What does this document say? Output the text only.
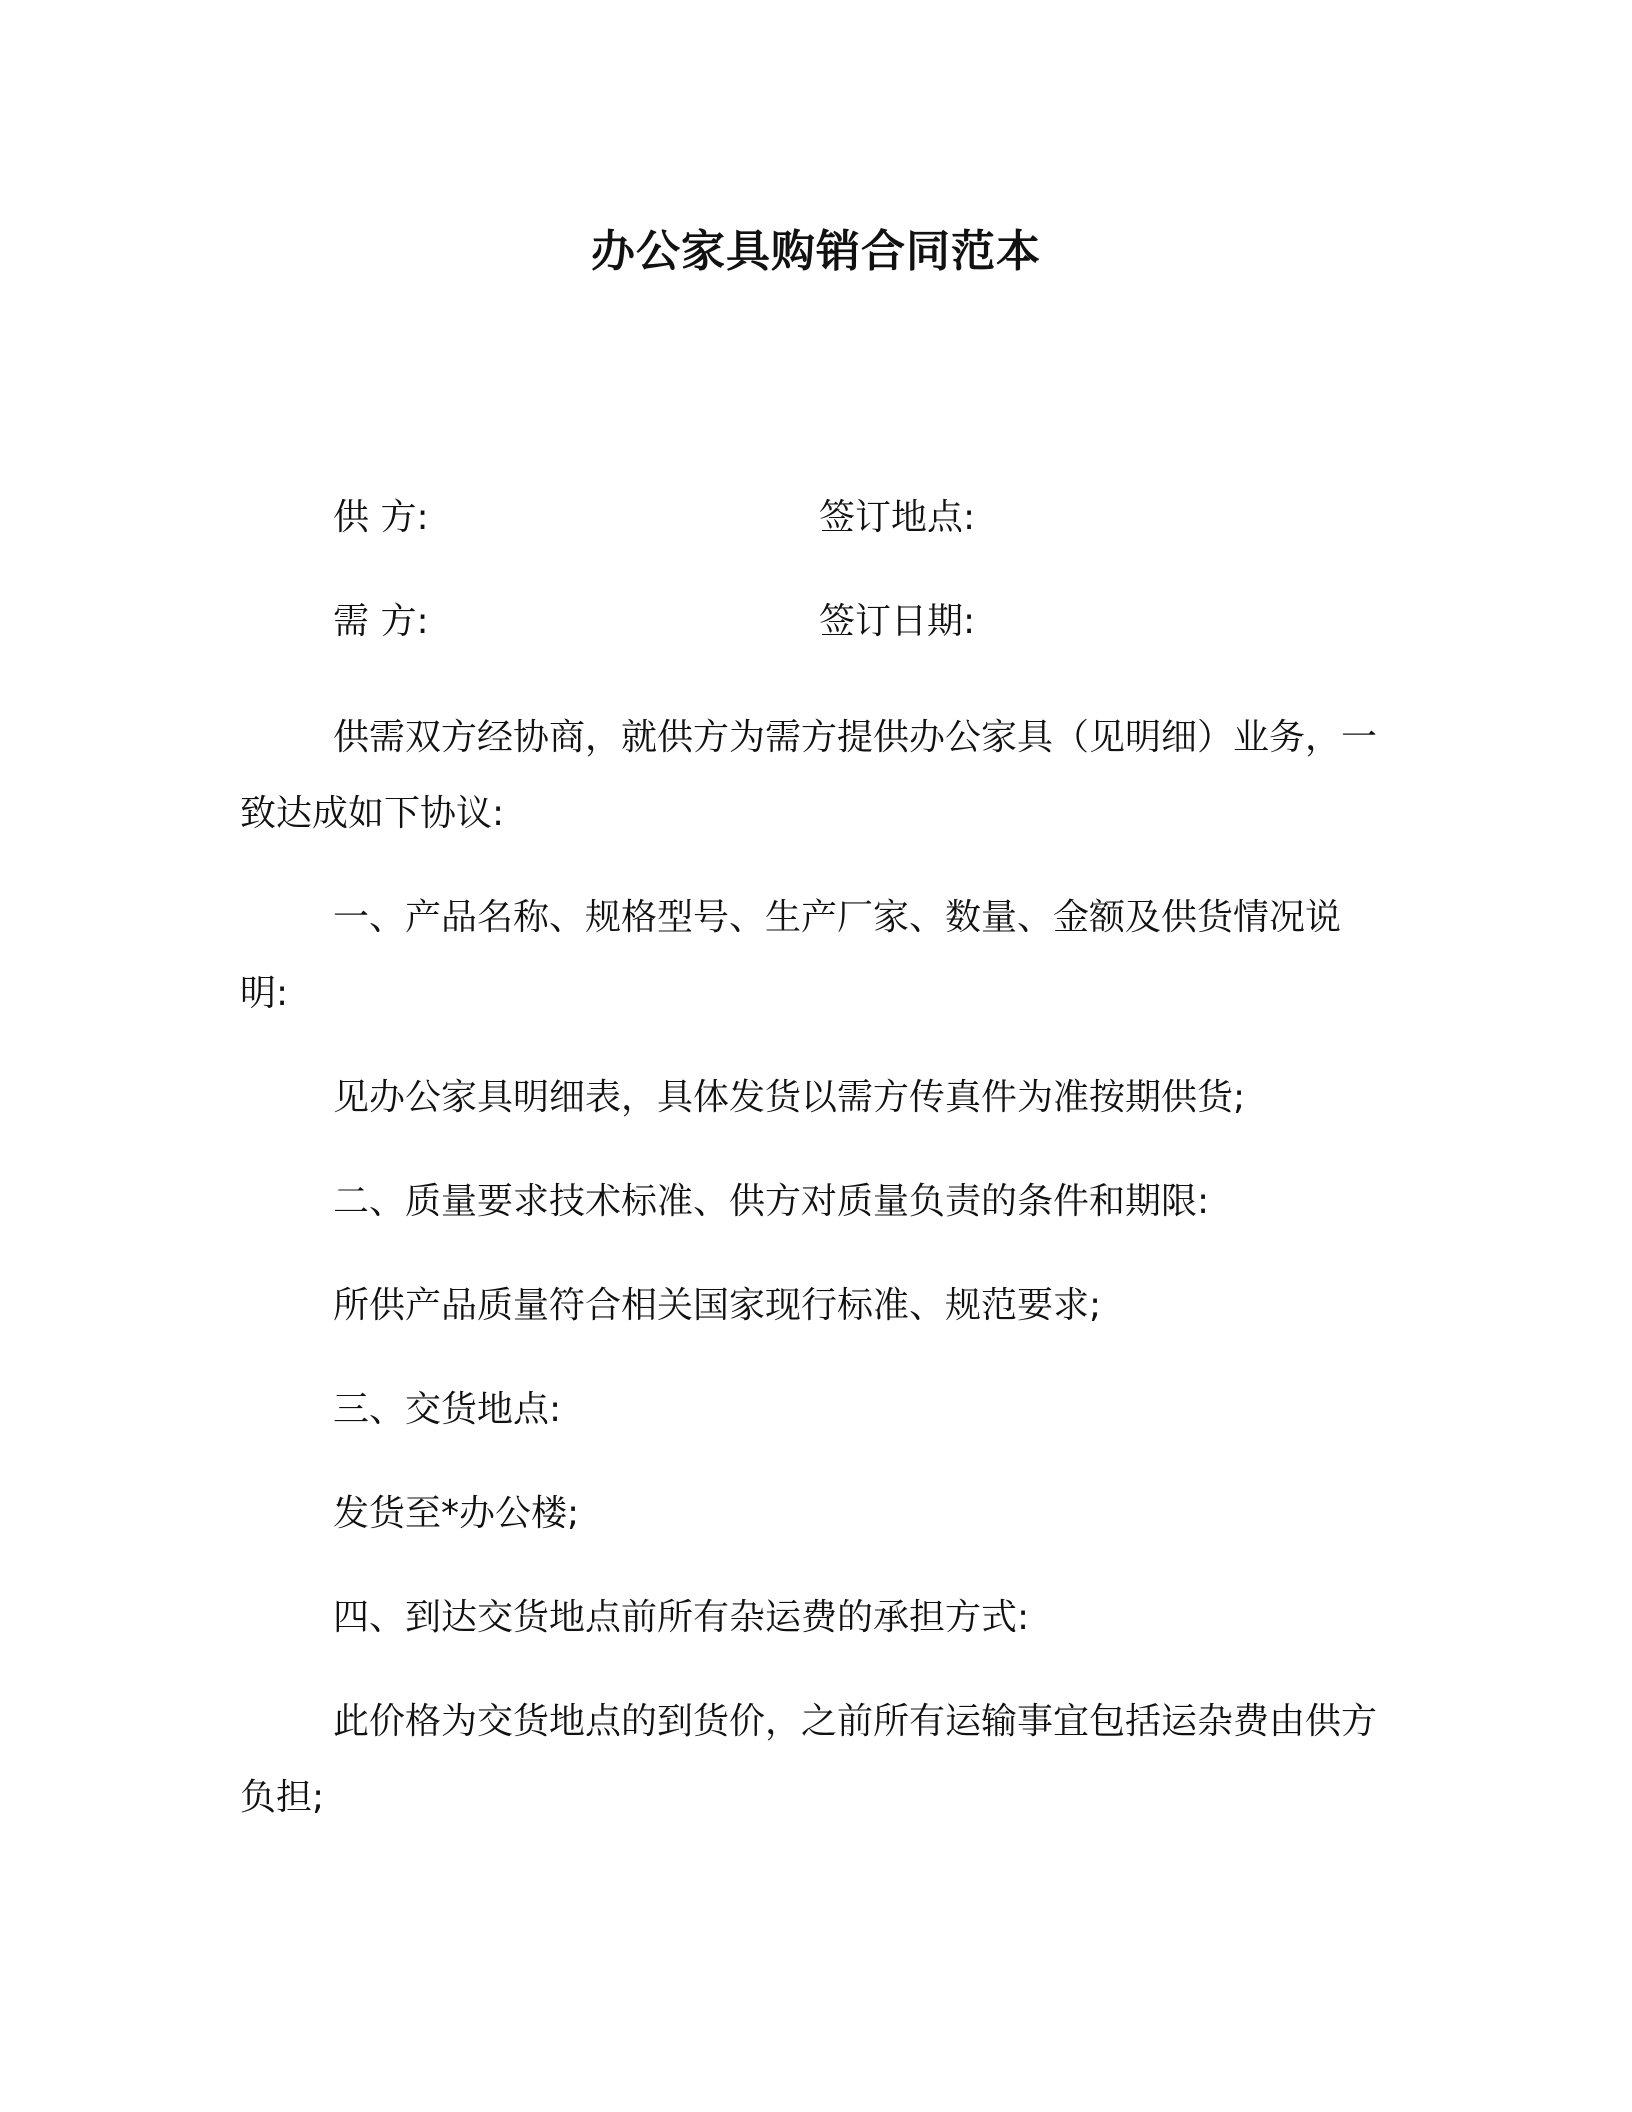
办公家具购销合同范本
供 方:	签订地点:
需 方:	签订日期:

供需双方经协商，就供方为需方提供办公家具（见明细）业务，一致达成如下协议:

一、产品名称、规格型号、生产厂家、数量、金额及供货情况说明:

见办公家具明细表，具体发货以需方传真件为准按期供货;

二、质量要求技术标准、供方对质量负责的条件和期限:

所供产品质量符合相关国家现行标准、规范要求;

三、交货地点:

发货至*办公楼;

四、到达交货地点前所有杂运费的承担方式:

此价格为交货地点的到货价，之前所有运输事宜包括运杂费由供方负担;
